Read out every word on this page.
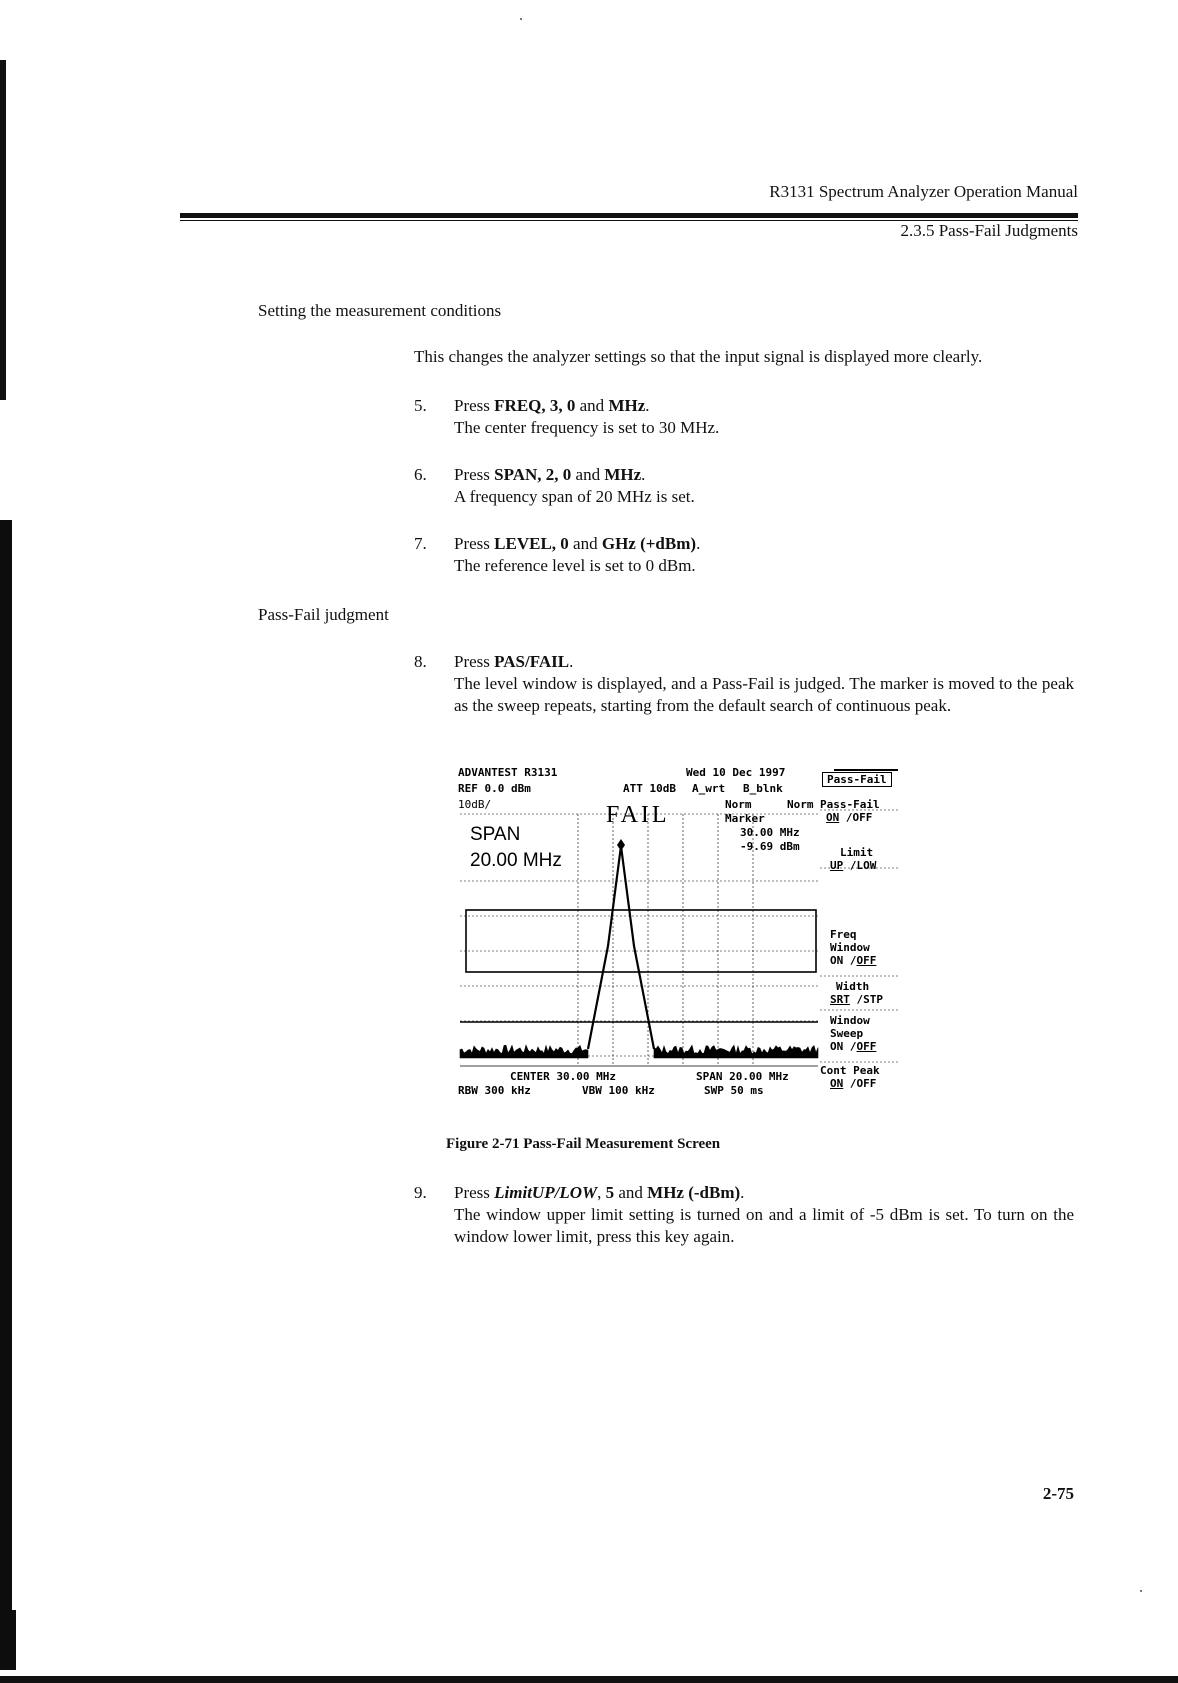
R3131 Spectrum Analyzer Operation Manual
2.3.5 Pass-Fail Judgments
Setting the measurement conditions
This changes the analyzer settings so that the input signal is displayed more clearly.
5. Press FREQ, 3, 0 and MHz.
The center frequency is set to 30 MHz.
6. Press SPAN, 2, 0 and MHz.
A frequency span of 20 MHz is set.
7. Press LEVEL, 0 and GHz (+dBm).
The reference level is set to 0 dBm.
Pass-Fail judgment
8. Press PAS/FAIL.
The level window is displayed, and a Pass-Fail is judged. The marker is moved to the peak as the sweep repeats, starting from the default search of continuous peak.
ADVANTEST R3131	Wed 10 Dec 1997
REF 0.0 dBm	ATT 10dB A_wrt B_blnk
10dB/	Norm	Norm
FAIL	Marker
30.00 MHz
-9.69 dBm
SPAN
20.00 MHz
CENTER 30.00 MHz	SPAN 20.00 MHz
RBW 300 kHz	VBW 100 kHz	SWP 50 ms
Pass-Fail
Pass-Fail
ON /OFF
Limit
UP /LOW
Freq
Window
ON /OFF
Width
SRT /STP
Window
Sweep
ON /OFF
Cont Peak
ON /OFF
Figure 2-71 Pass-Fail Measurement Screen
9. Press LimitUP/LOW, 5 and MHz (-dBm).
The window upper limit setting is turned on and a limit of -5 dBm is set. To turn on the window lower limit, press this key again.
2-75
